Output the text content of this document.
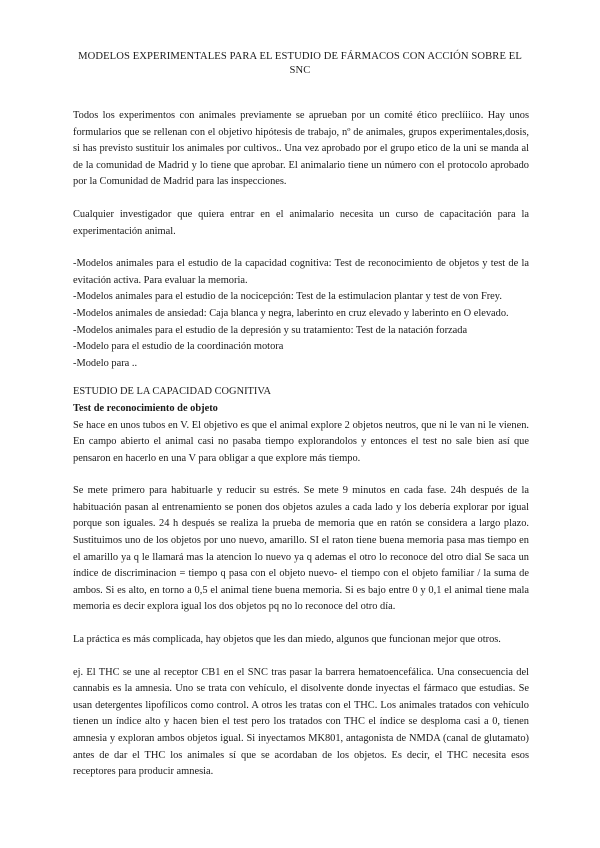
MODELOS EXPERIMENTALES PARA EL ESTUDIO DE FÁRMACOS CON ACCIÓN SOBRE EL SNC

Todos los experimentos con animales previamente se aprueban por un comité ético preclíiico. Hay unos formularios que se rellenan con el objetivo hipótesis de trabajo, nº de animales, grupos experimentales,dosis, si has previsto sustituir los animales por cultivos.. Una vez aprobado por el grupo etico de la uni se manda al de la comunidad de Madrid y lo tiene que aprobar. El animalario tiene un número con el protocolo aprobado por la Comunidad de Madrid para las inspecciones.

Cualquier investigador que quiera entrar en el animalario necesita un curso de capacitación para la experimentación animal.

-Modelos animales para el estudio de la capacidad cognitiva: Test de reconocimiento de objetos y test de la evitación activa. Para evaluar la memoria.

-Modelos animales para el estudio de la nocicepción: Test de la estimulacion plantar y test de von Frey.

-Modelos animales de ansiedad: Caja blanca y negra, laberinto en cruz elevado y laberinto en O elevado.

-Modelos animales para el estudio de la depresión y su tratamiento: Test de la natación forzada

-Modelo para el estudio de la coordinación motora

-Modelo para ..

ESTUDIO DE LA CAPACIDAD COGNITIVA

Test de reconocimiento de objeto

Se hace en unos tubos en V. El objetivo es que el animal explore 2 objetos neutros, que ni le van ni le vienen. En campo abierto el animal casi no pasaba tiempo explorandolos y entonces el test no sale bien así que pensaron en hacerlo en una V para obligar a que explore más tiempo.

Se mete primero para habituarle y reducir su estrés. Se mete 9 minutos en cada fase. 24h después de la habituación pasan al entrenamiento se ponen dos objetos azules a cada lado y los debería explorar por igual porque son iguales. 24 h después se realiza la prueba de memoria que en ratón se considera a largo plazo. Sustituimos uno de los objetos por uno nuevo, amarillo. SI el raton tiene buena memoria pasa mas tiempo en el amarillo ya q le llamará mas la atencion lo nuevo ya q ademas el otro lo reconoce del otro dial Se saca un índice de discriminacion = tiempo q pasa con el objeto nuevo- el tiempo con el objeto familiar / la suma de ambos. Si es alto, en torno a 0,5 el animal tiene buena memoria. Si es bajo entre 0 y 0,1 el animal tiene mala memoria es decir explora igual los dos objetos pq no lo reconoce del otro día.

La práctica es más complicada, hay objetos que les dan miedo, algunos que funcionan mejor que otros.

ej. El THC se une al receptor CB1 en el SNC tras pasar la barrera hematoencefálica. Una consecuencia del cannabis es la amnesia. Uno se trata con vehículo, el disolvente donde inyectas el fármaco que estudias. Se usan detergentes lipofílicos como control. A otros les tratas con el THC. Los animales tratados con vehículo tienen un índice alto y hacen bien el test pero los tratados con THC el índice se desploma casi a 0, tienen amnesia y exploran ambos objetos igual. Si inyectamos MK801, antagonista de NMDA (canal de glutamato) antes de dar el THC los animales sí que se acordaban de los objetos. Es decir, el THC necesita esos receptores para producir amnesia.
